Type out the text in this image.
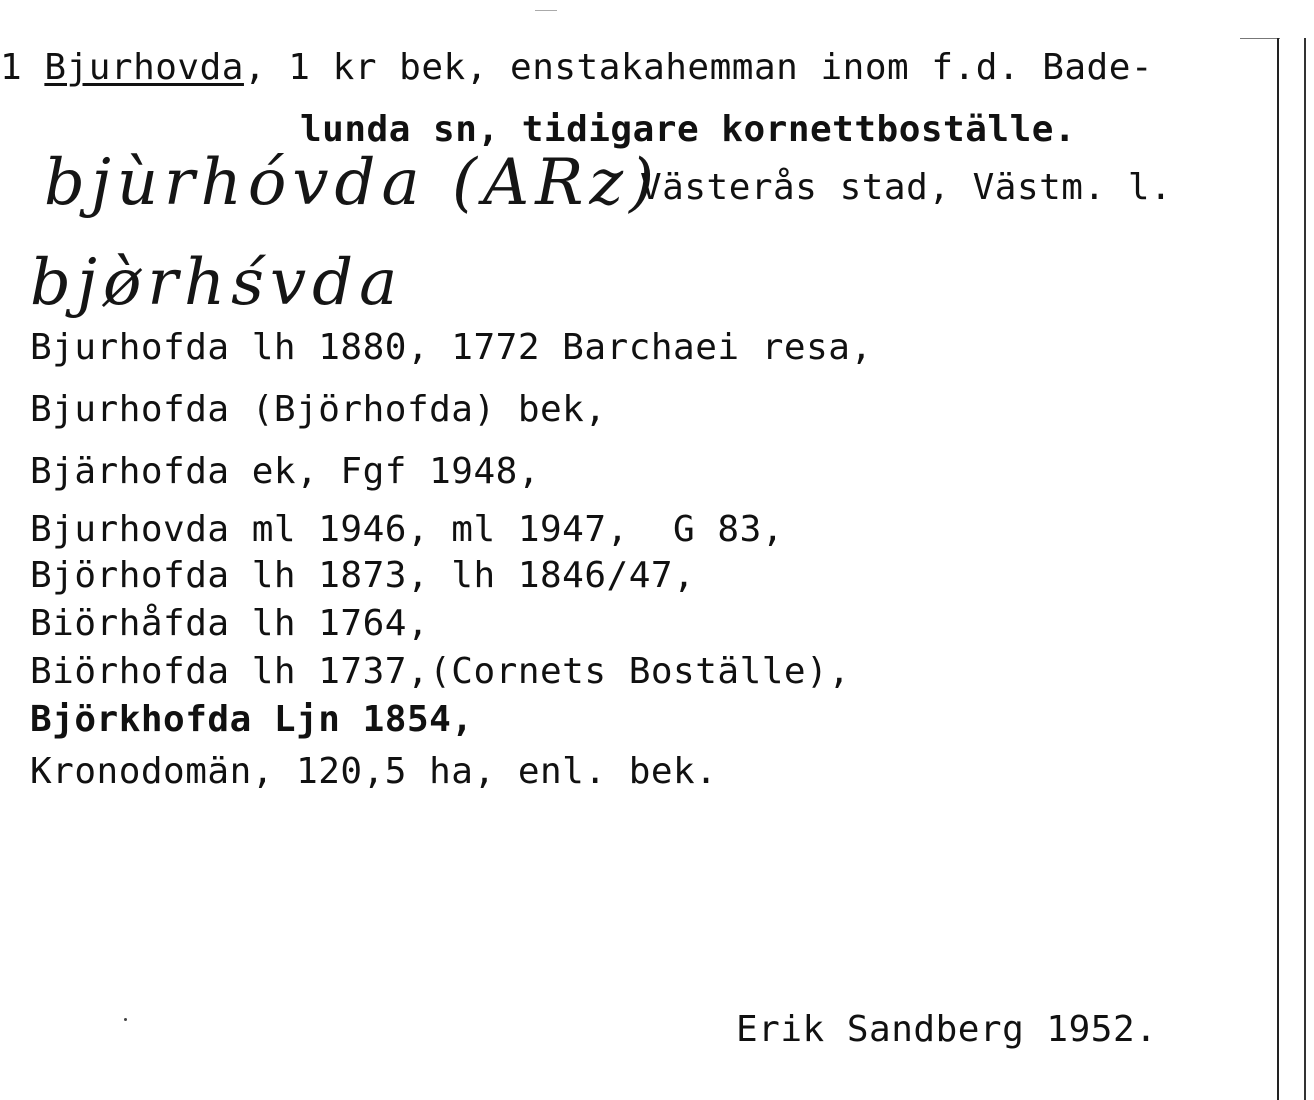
1 Bjurhovda, 1 kr bek, enstakahemman inom f.d. Bade-
lunda sn, tidigare kornettboställe.
bjùrhóvda (ARz)
Västerås stad, Västm. l.
bjø̀rhśvda
Bjurhofda lh 1880, 1772 Barchaei resa,
Bjurhofda (Björhofda) bek,
Bjärhofda ek, Fgf 1948,
Bjurhovda ml 1946, ml 1947,  G 83,
Björhofda lh 1873, lh 1846/47,
Biörhåfda lh 1764,
Biörhofda lh 1737,(Cornets Boställe),
Björkhofda Ljn 1854,
Kronodomän, 120,5 ha, enl. bek.
Erik Sandberg 1952.
